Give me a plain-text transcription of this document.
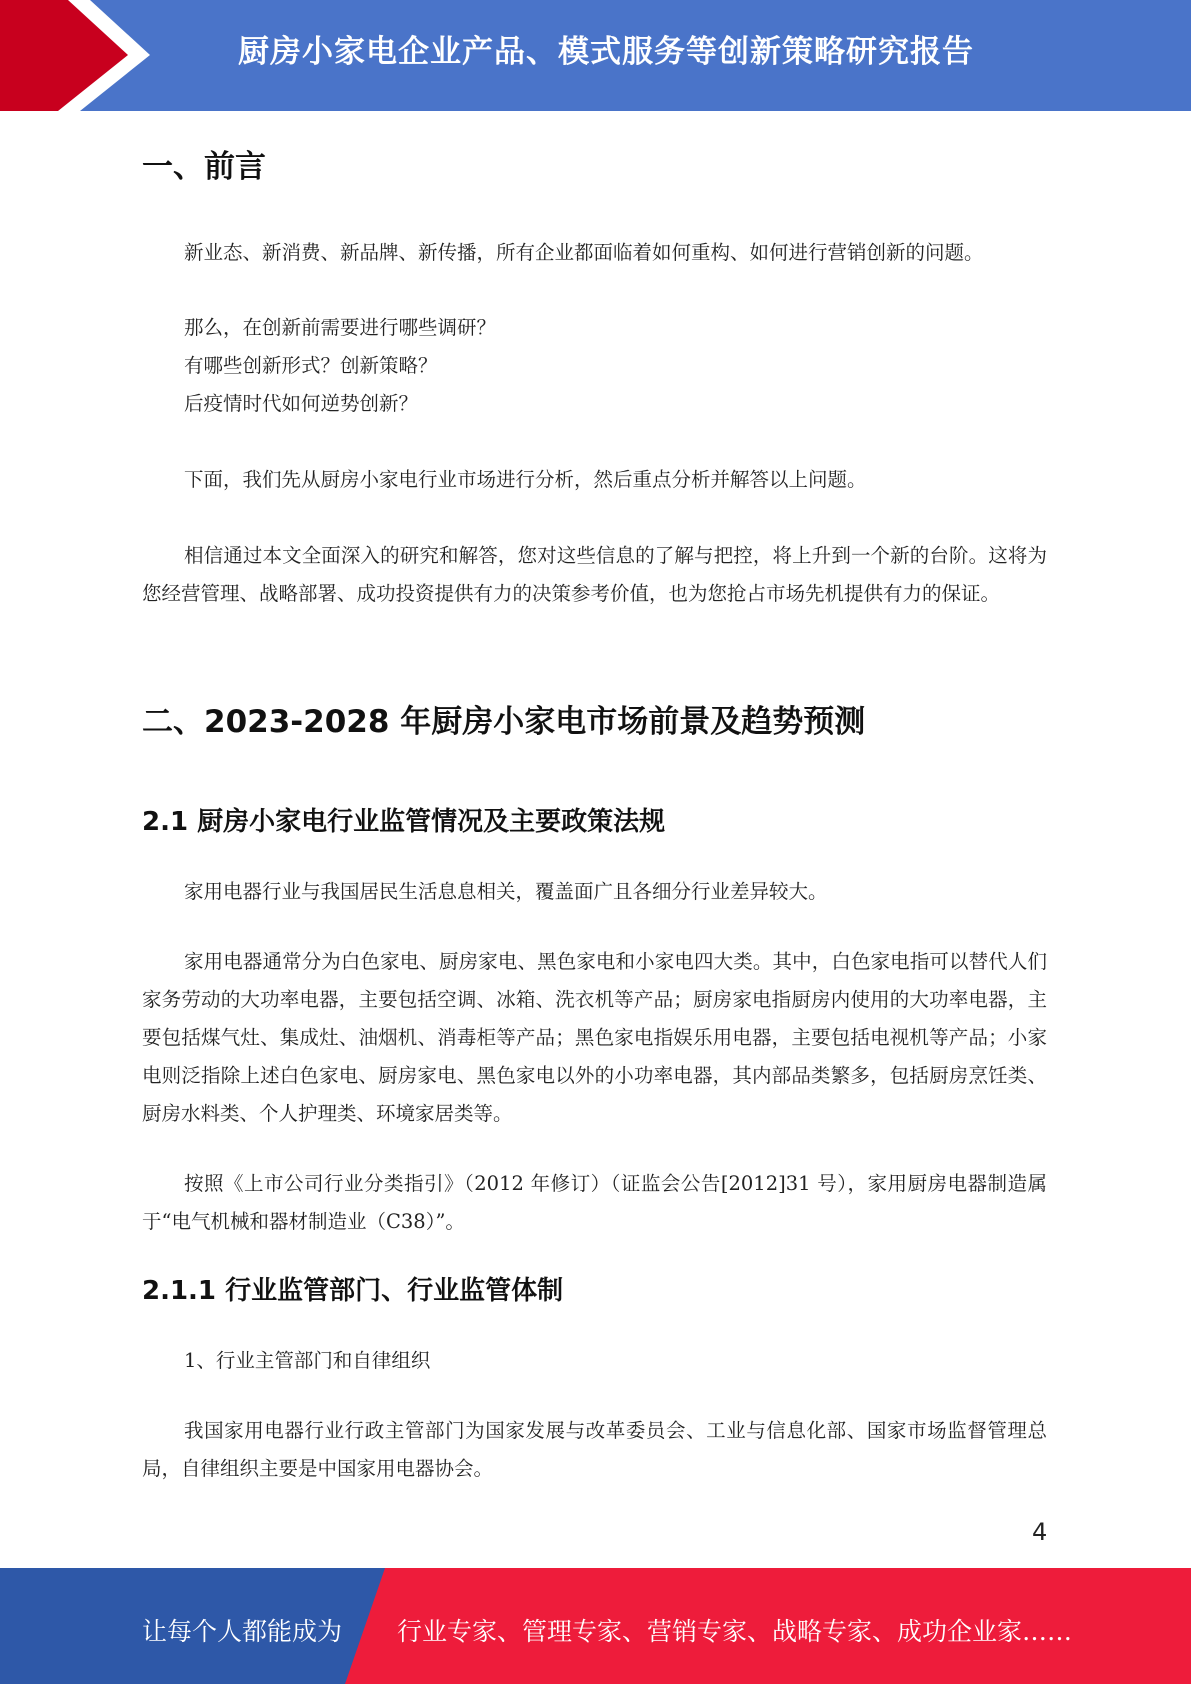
厨房小家电企业产品、模式服务等创新策略研究报告
一、前言
新业态、新消费、新品牌、新传播，所有企业都面临着如何重构、如何进行营销创新的问题。
那么，在创新前需要进行哪些调研？
有哪些创新形式？创新策略？
后疫情时代如何逆势创新？
下面，我们先从厨房小家电行业市场进行分析，然后重点分析并解答以上问题。
相信通过本文全面深入的研究和解答，您对这些信息的了解与把控，将上升到一个新的台阶。这将为您经营管理、战略部署、成功投资提供有力的决策参考价值，也为您抢占市场先机提供有力的保证。
二、2023-2028 年厨房小家电市场前景及趋势预测
2.1 厨房小家电行业监管情况及主要政策法规
家用电器行业与我国居民生活息息相关，覆盖面广且各细分行业差异较大。
家用电器通常分为白色家电、厨房家电、黑色家电和小家电四大类。其中，白色家电指可以替代人们家务劳动的大功率电器，主要包括空调、冰箱、洗衣机等产品；厨房家电指厨房内使用的大功率电器，主要包括煤气灶、集成灶、油烟机、消毒柜等产品；黑色家电指娱乐用电器，主要包括电视机等产品；小家电则泛指除上述白色家电、厨房家电、黑色家电以外的小功率电器，其内部品类繁多，包括厨房烹饪类、厨房水料类、个人护理类、环境家居类等。
按照《上市公司行业分类指引》（2012 年修订）（证监会公告[2012]31 号），家用厨房电器制造属于“电气机械和器材制造业（C38）”。
2.1.1 行业监管部门、行业监管体制
1、行业主管部门和自律组织
我国家用电器行业行政主管部门为国家发展与改革委员会、工业与信息化部、国家市场监督管理总局，自律组织主要是中国家用电器协会。
4
让每个人都能成为 行业专家、管理专家、营销专家、战略专家、成功企业家……
